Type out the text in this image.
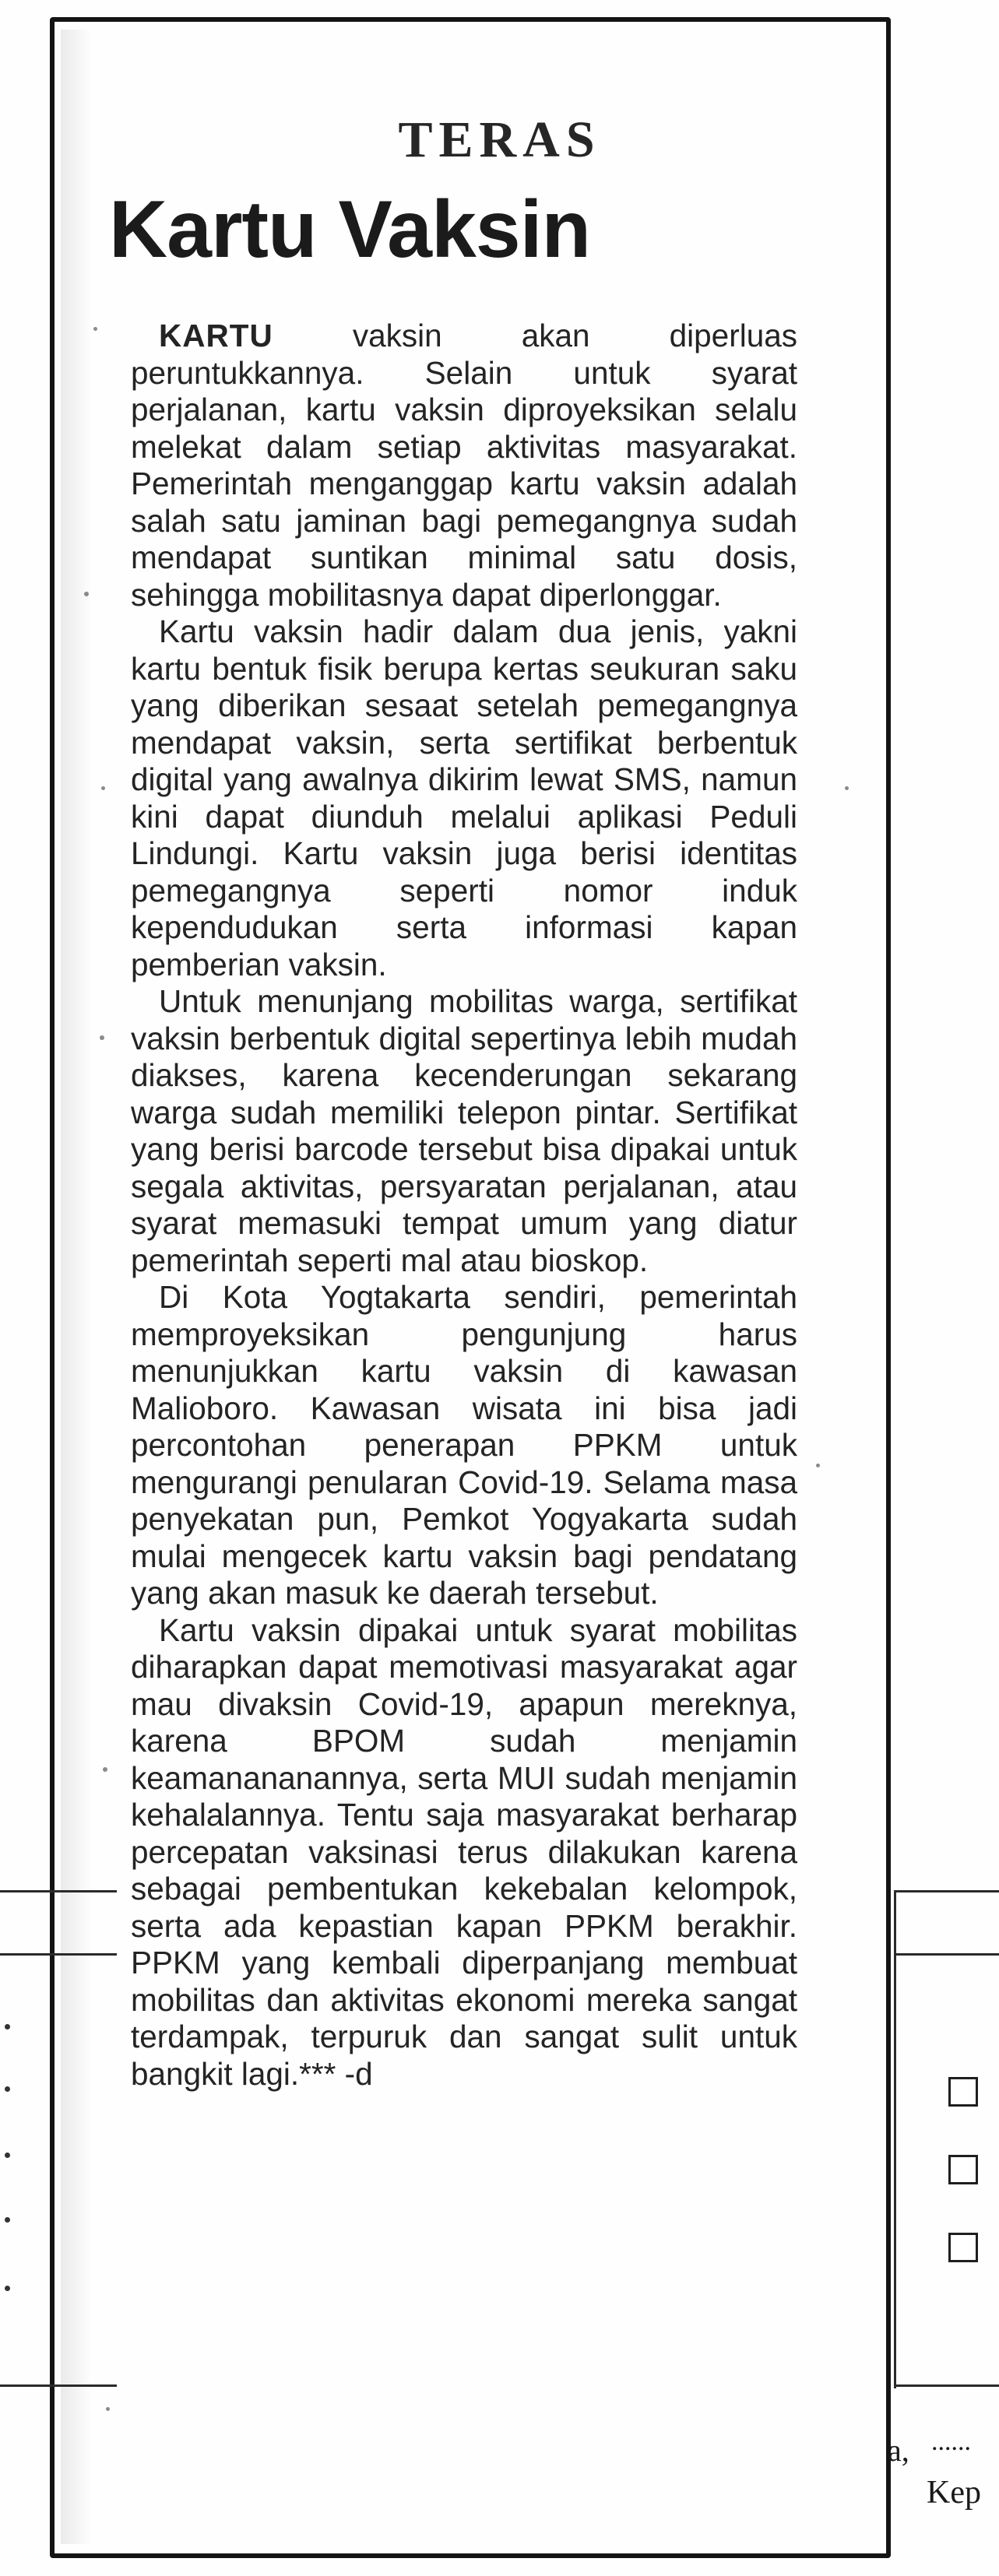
TERAS
Kartu Vaksin

KARTU vaksin akan diperluas peruntukkannya. Selain untuk syarat perjalanan, kartu vaksin diproyeksikan selalu melekat dalam setiap aktivitas masyarakat. Pemerintah menganggap kartu vaksin adalah salah satu jaminan bagi pemegangnya sudah mendapat suntikan minimal satu dosis, sehingga mobilitasnya dapat diperlonggar.

Kartu vaksin hadir dalam dua jenis, yakni kartu bentuk fisik berupa kertas seukuran saku yang diberikan sesaat setelah pemegangnya mendapat vaksin, serta sertifikat berbentuk digital yang awalnya dikirim lewat SMS, namun kini dapat diunduh melalui aplikasi Peduli Lindungi. Kartu vaksin juga berisi identitas pemegangnya seperti nomor induk kependudukan serta informasi kapan pemberian vaksin.

Untuk menunjang mobilitas warga, sertifikat vaksin berbentuk digital sepertinya lebih mudah diakses, karena kecenderungan sekarang warga sudah memiliki telepon pintar. Sertifikat yang berisi barcode tersebut bisa dipakai untuk segala aktivitas, persyaratan perjalanan, atau syarat memasuki tempat umum yang diatur pemerintah seperti mal atau bioskop.

Di Kota Yogtakarta sendiri, pemerintah memproyeksikan pengunjung harus menunjukkan kartu vaksin di kawasan Malioboro. Kawasan wisata ini bisa jadi percontohan penerapan PPKM untuk mengurangi penularan Covid-19. Selama masa penyekatan pun, Pemkot Yogyakarta sudah mulai mengecek kartu vaksin bagi pendatang yang akan masuk ke daerah tersebut.

Kartu vaksin dipakai untuk syarat mobilitas diharapkan dapat memotivasi masyarakat agar mau divaksin Covid-19, apapun mereknya, karena BPOM sudah menjamin keamanananannya, serta MUI sudah menjamin kehalalannya. Tentu saja masyarakat berharap percepatan vaksinasi terus dilakukan karena sebagai pembentukan kekebalan kelompok, serta ada kepastian kapan PPKM berakhir. PPKM yang kembali diperpanjang membuat mobilitas dan aktivitas ekonomi mereka sangat terdampak, terpuruk dan sangat sulit untuk bangkit lagi.*** -d

a, ......
Kep
